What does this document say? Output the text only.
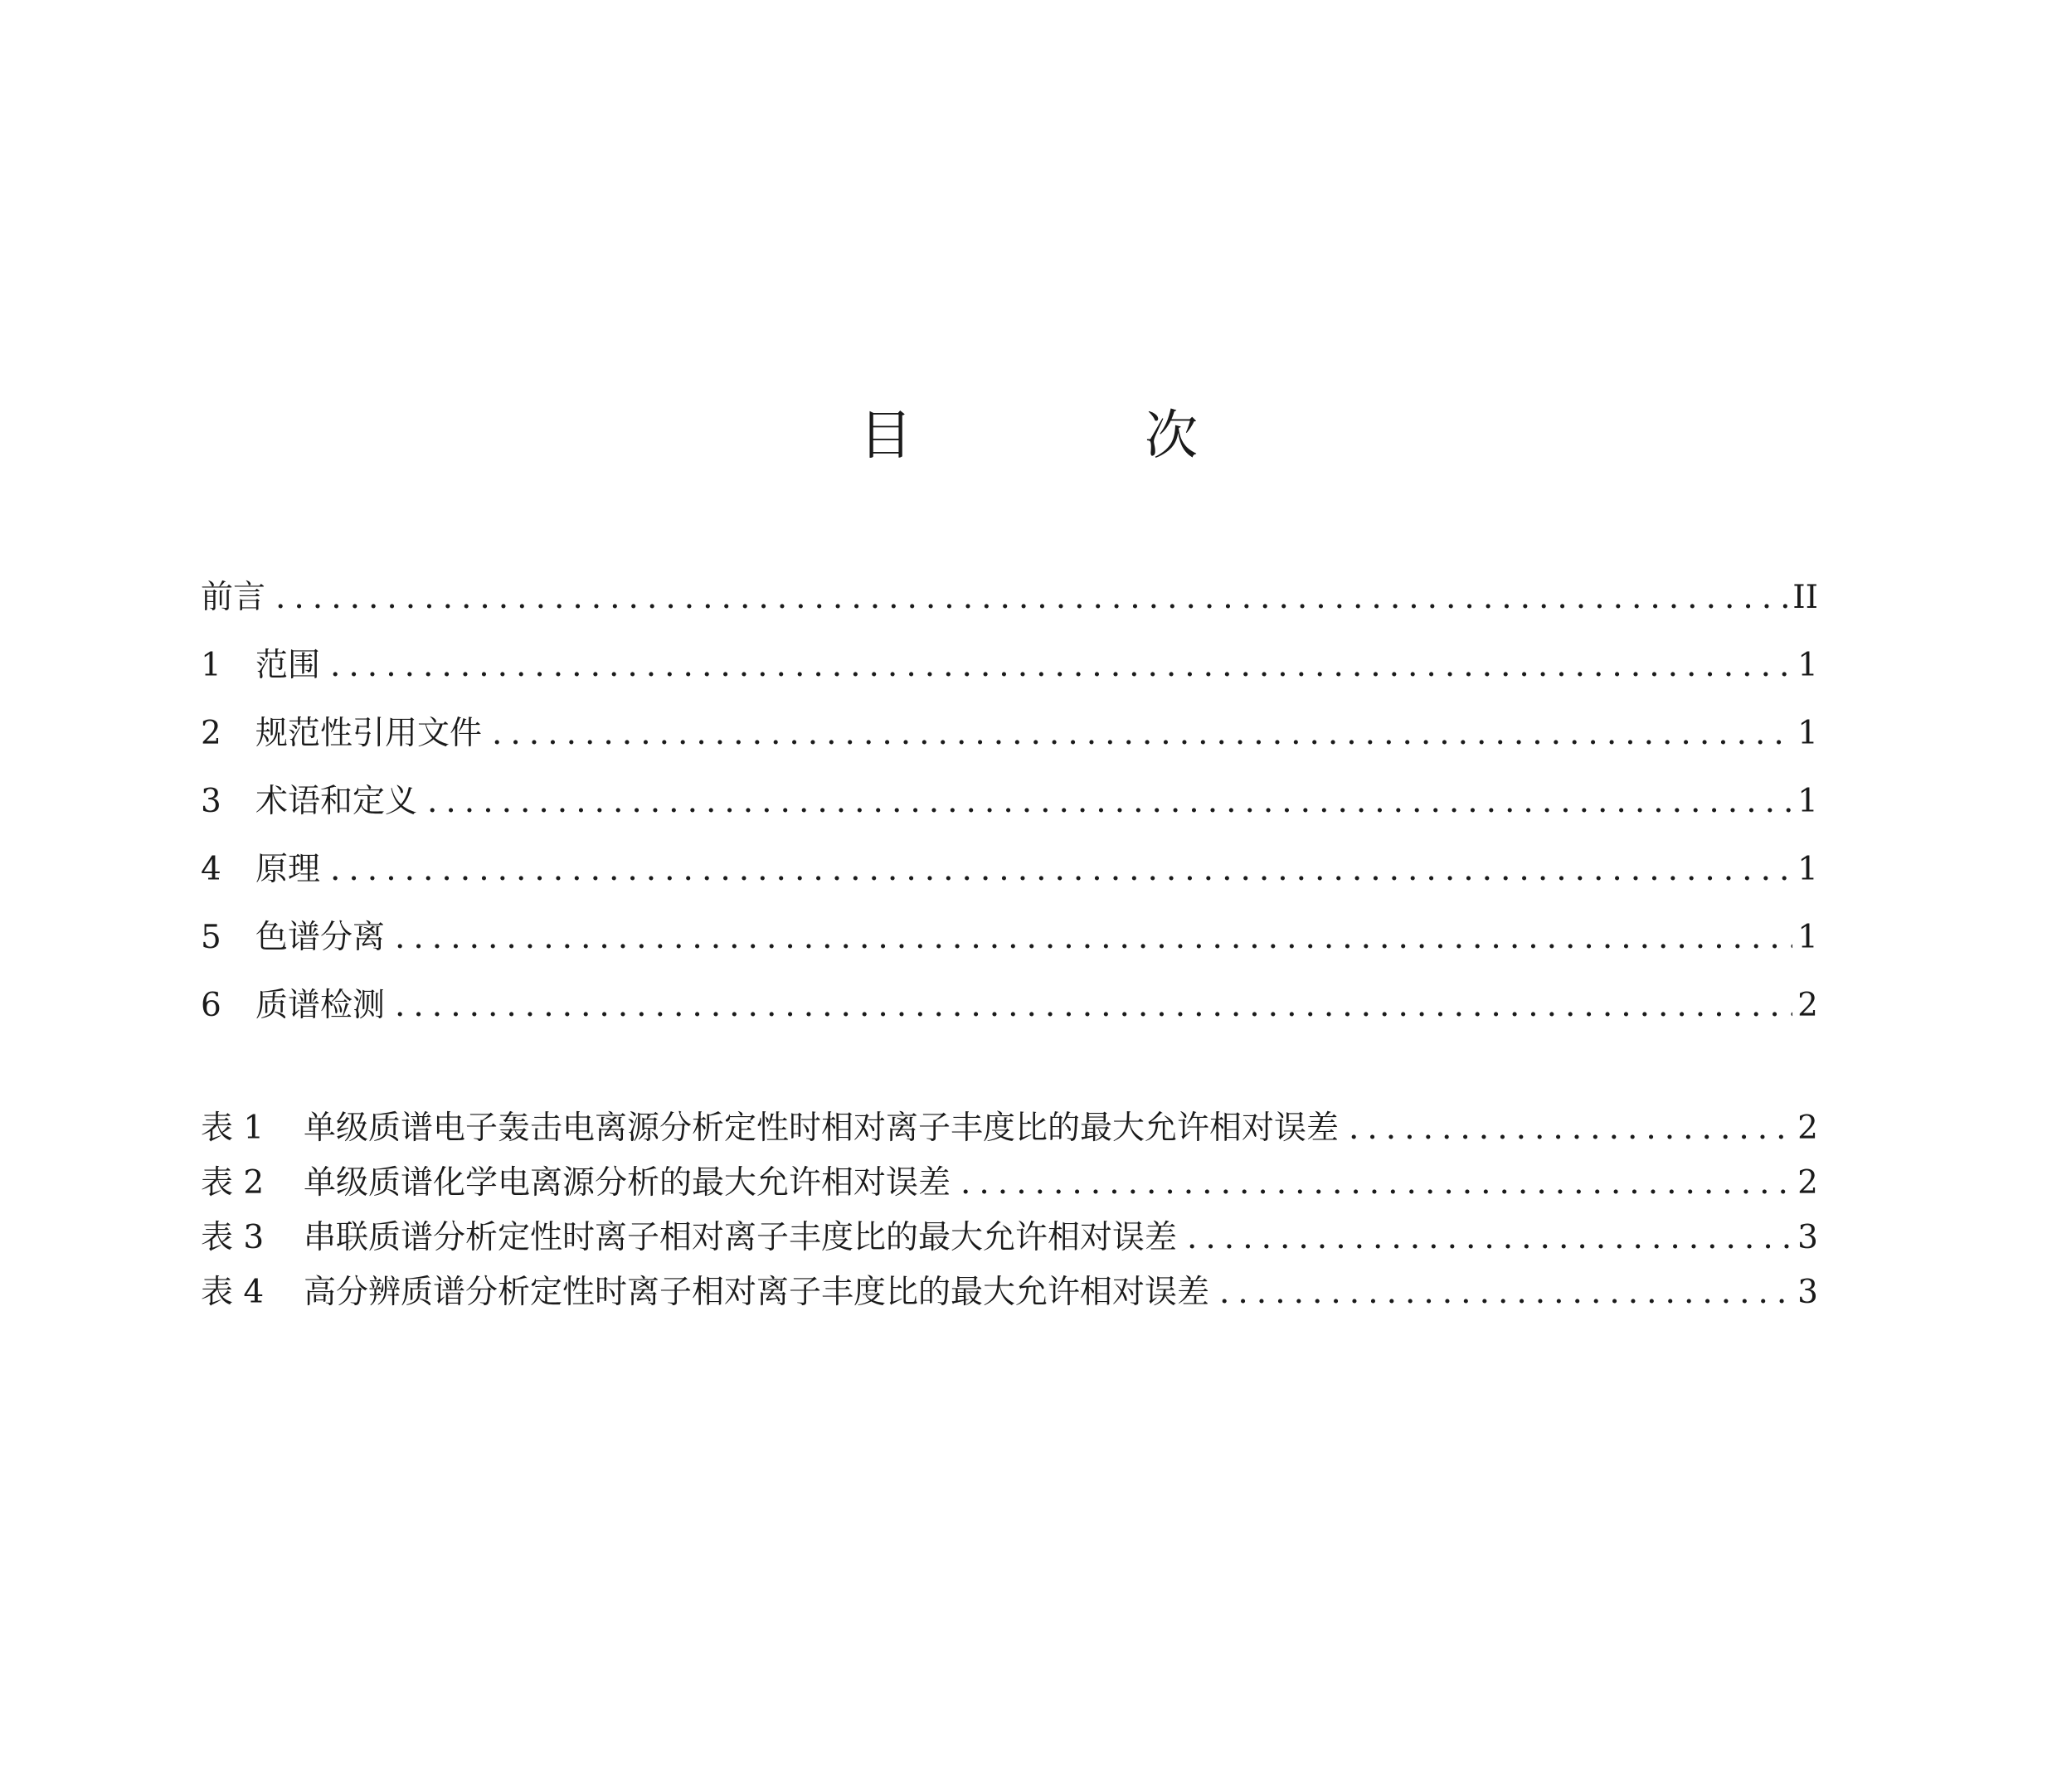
目 次
前言 .....	II
1	范围 .....	1
2	规范性引用文件 .....	1
3	术语和定义 .....	1
4	原理 .....	1
5	色谱分离 .....	1
6	质谱检测 .....	2
表 1	单级质谱电子轰击电离源分析定性时相对离子丰度比的最大允许相对误差 .....	2
表 2	单级质谱化学电离源分析的最大允许相对误差 .....	2
表 3	串联质谱分析定性时离子相对离子丰度比的最大允许相对误差 .....	3
表 4	高分辨质谱分析定性时离子相对离子丰度比的最大允许相对误差 .....	3
